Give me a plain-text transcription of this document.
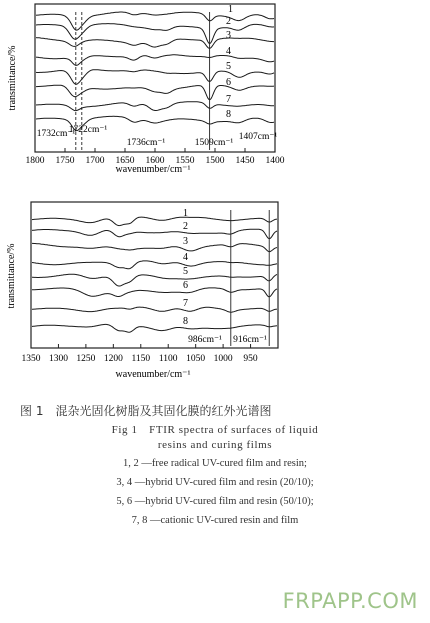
1
2
3
4
5
6
7
8
1732cm⁻¹
1722cm⁻¹
1736cm⁻¹	1509cm⁻¹
1407cm⁻¹
1800 1750 1700 1650 1600 1550 1500 1450 1400
wavenumber/cm⁻¹
transmittance/%
1
2
3
4
5
6
7
8
986cm⁻¹ 916cm⁻¹
1350 1300 1250 1200 1150 1100 1050 1000 950
wavenumber/cm⁻¹
transmittance/%
图 1　混杂光固化树脂及其固化膜的红外光谱图
Fig 1　FTIR spectra of surfaces of liquid
resins and curing films
1, 2 —free radical UV-cured film and resin;
3, 4 —hybrid UV-cured film and resin (20/10);
5, 6 —hybrid UV-cured film and resin (50/10);
7, 8 —cationic UV-cured resin and film
FRPAPP.COM
